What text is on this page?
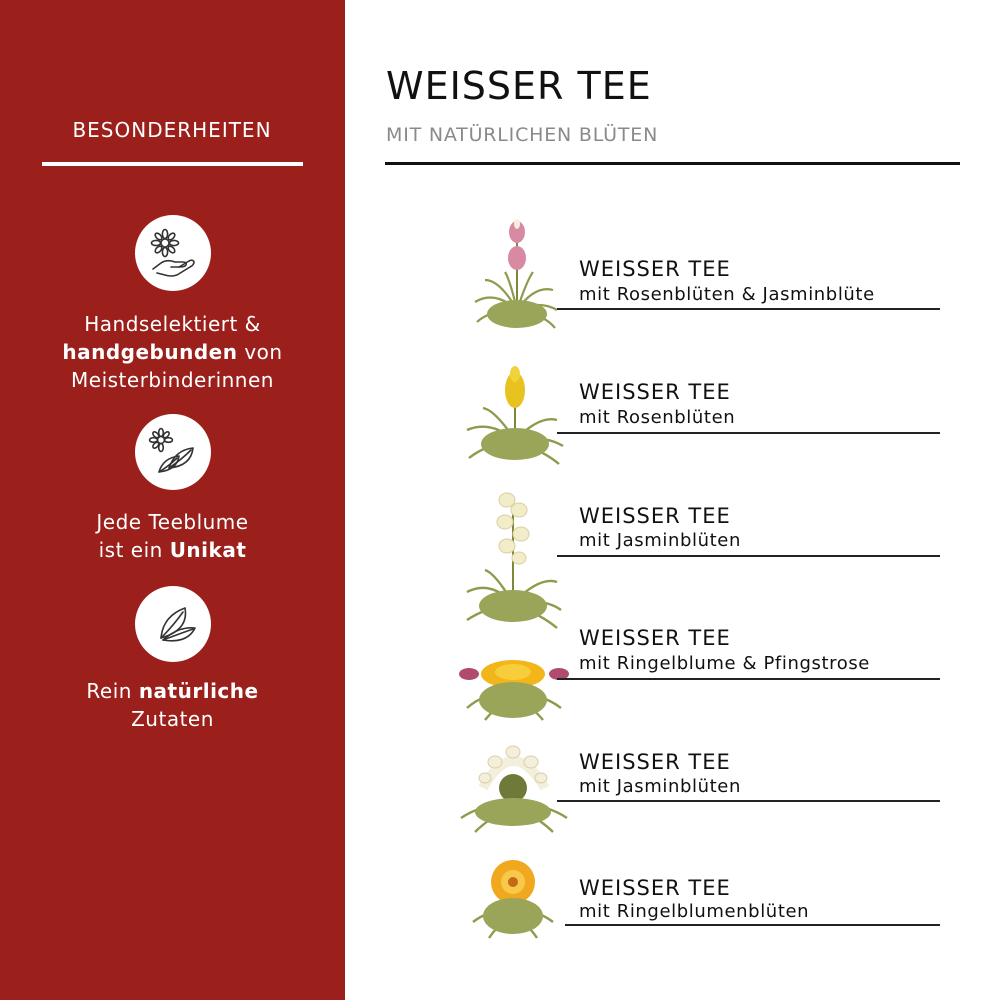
BESONDERHEITEN
Handselektiert &
handgebunden von
Meisterbinderinnen
Jede Teeblume
ist ein Unikat
Rein natürliche
Zutaten
WEISSER TEE
MIT NATÜRLICHEN BLÜTEN
WEISSER TEE
mit Rosenblüten & Jasminblüte
WEISSER TEE
mit Rosenblüten
WEISSER TEE
mit Jasminblüten
WEISSER TEE
mit Ringelblume & Pfingstrose
WEISSER TEE
mit Jasminblüten
WEISSER TEE
mit Ringelblumenblüten
